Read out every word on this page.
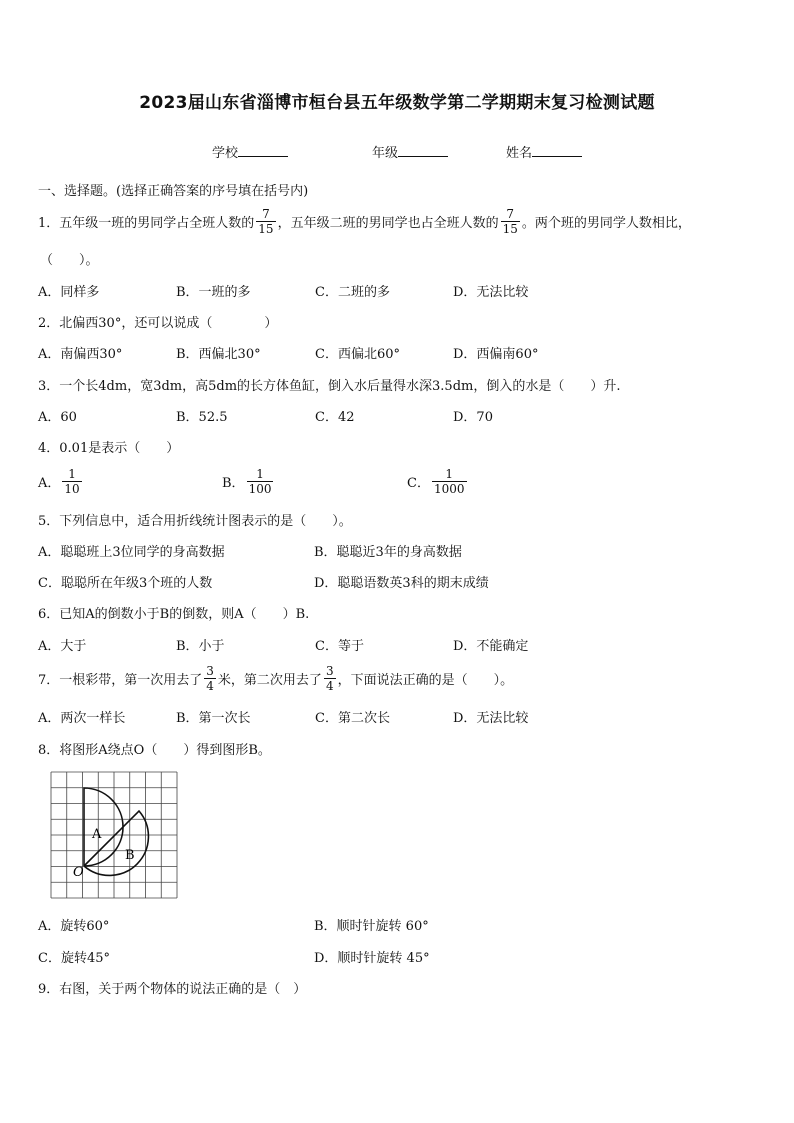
2023届山东省淄博市桓台县五年级数学第二学期期末复习检测试题
学校	年级	姓名
一、选择题。(选择正确答案的序号填在括号内)
1．五年级一班的男同学占全班人数的 $\frac{7}{15}$ ，五年级二班的男同学也占全班人数的 $\frac{7}{15}$ 。两个班的男同学人数相比，
（　　）。
A．同样多	B．一班的多	C．二班的多	D．无法比较
2．北偏西30°，还可以说成（　　　　）
A．南偏西30°	B．西偏北30°	C．西偏北60°	D．西偏南60°
3．一个长4dm，宽3dm，高5dm的长方体鱼缸，倒入水后量得水深3.5dm，倒入的水是（　　）升.
A．60	B．52.5	C．42	D．70
4．0.01是表示（　　）
A． $\frac{1}{10}$	B． $\frac{1}{100}$	C． $\frac{1}{1000}$
5．下列信息中，适合用折线统计图表示的是（　　）。
A．聪聪班上3位同学的身高数据	B．聪聪近3年的身高数据
C．聪聪所在年级3个班的人数	D．聪聪语数英3科的期末成绩
6．已知A的倒数小于B的倒数，则A（　　）B.
A．大于	B．小于	C．等于	D．不能确定
7．一根彩带，第一次用去了 $\frac{3}{4}$ 米，第二次用去了 $\frac{3}{4}$ ，下面说法正确的是（　　）。
A．两次一样长	B．第一次长	C．第二次长	D．无法比较
8．将图形A绕点O（　　）得到图形B。
A
B
O
A．旋转60°	B．顺时针旋转 60°
C．旋转45°	D．顺时针旋转 45°
9．右图，关于两个物体的说法正确的是（　）
